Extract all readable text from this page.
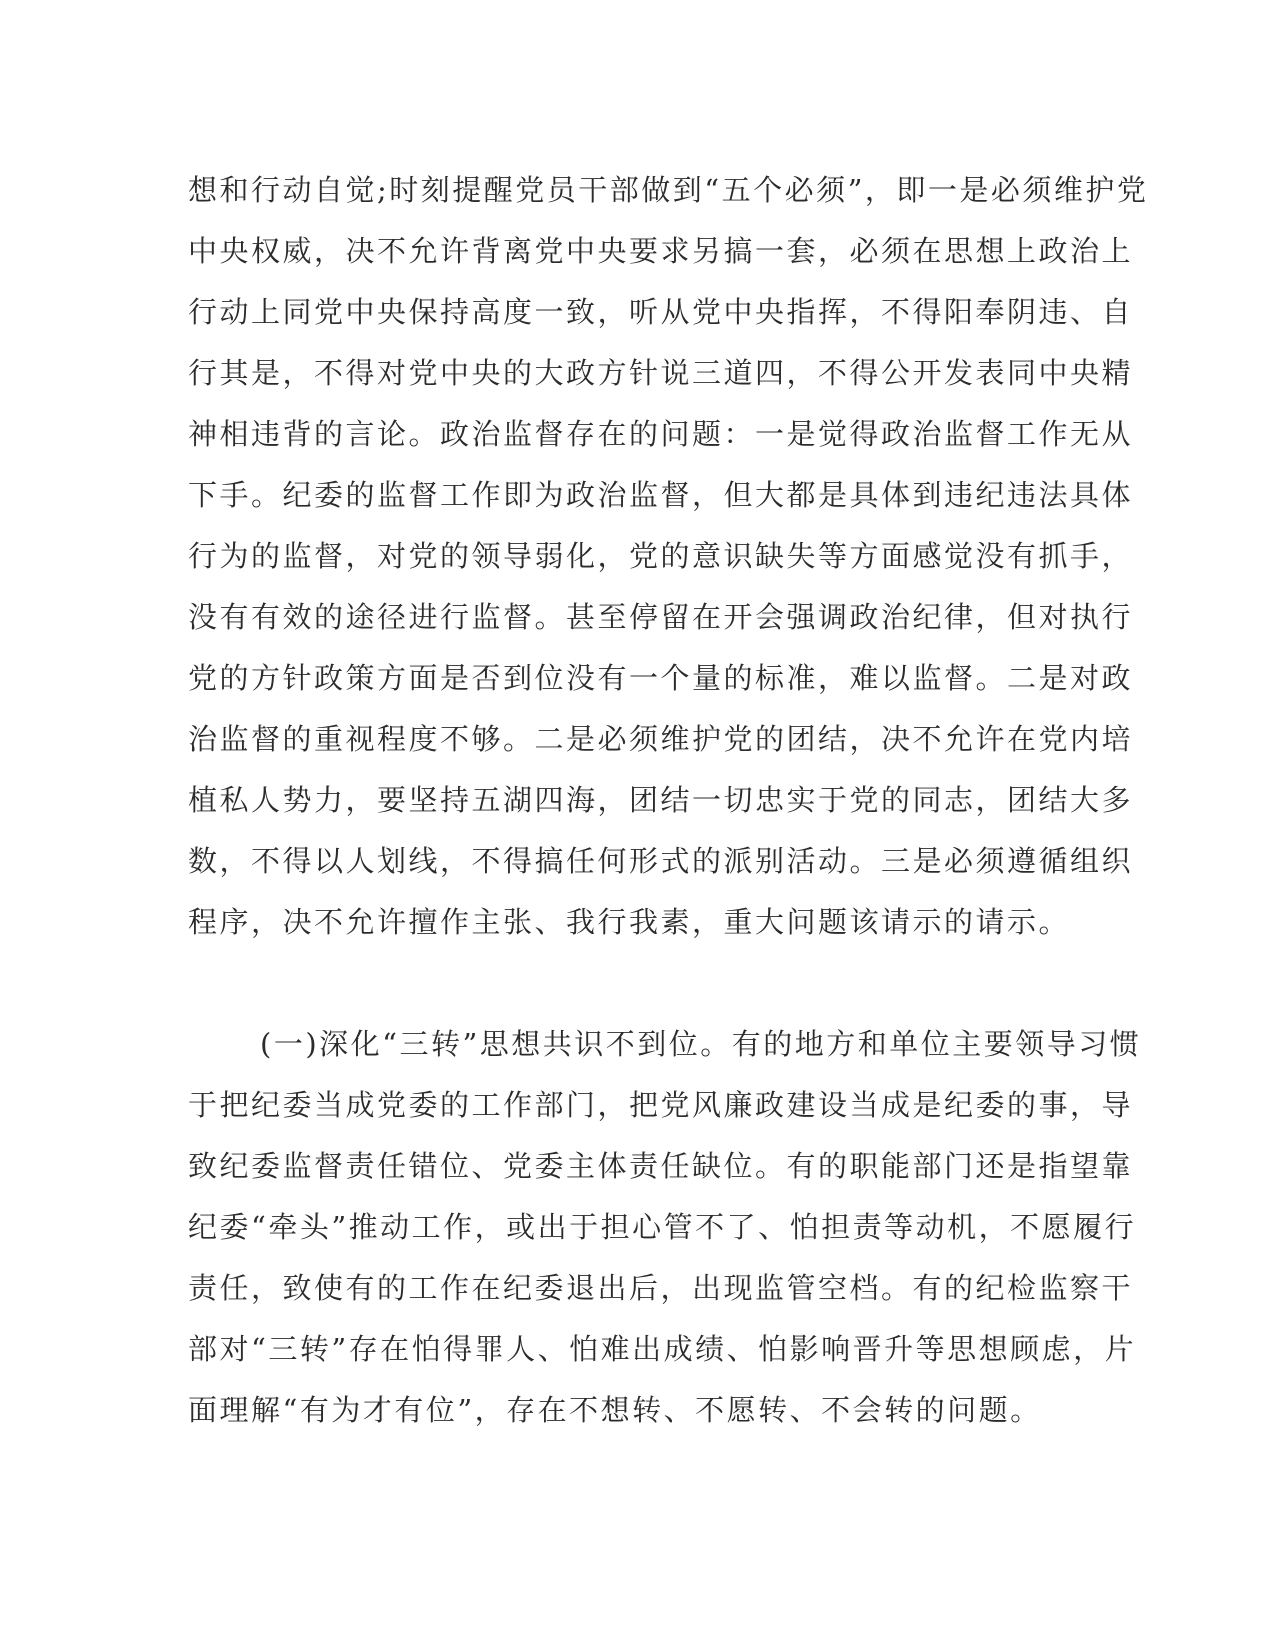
想和行动自觉;时刻提醒党员干部做到“五个必须”，即一是必须维护党
中央权威，决不允许背离党中央要求另搞一套，必须在思想上政治上
行动上同党中央保持高度一致，听从党中央指挥，不得阳奉阴违、自
行其是，不得对党中央的大政方针说三道四，不得公开发表同中央精
神相违背的言论。政治监督存在的问题：一是觉得政治监督工作无从
下手。纪委的监督工作即为政治监督，但大都是具体到违纪违法具体
行为的监督，对党的领导弱化，党的意识缺失等方面感觉没有抓手，
没有有效的途径进行监督。甚至停留在开会强调政治纪律，但对执行
党的方针政策方面是否到位没有一个量的标准，难以监督。二是对政
治监督的重视程度不够。二是必须维护党的团结，决不允许在党内培
植私人势力，要坚持五湖四海，团结一切忠实于党的同志，团结大多
数，不得以人划线，不得搞任何形式的派别活动。三是必须遵循组织
程序，决不允许擅作主张、我行我素，重大问题该请示的请示。
(一)深化“三转”思想共识不到位。有的地方和单位主要领导习惯
于把纪委当成党委的工作部门，把党风廉政建设当成是纪委的事，导
致纪委监督责任错位、党委主体责任缺位。有的职能部门还是指望靠
纪委“牵头”推动工作，或出于担心管不了、怕担责等动机，不愿履行
责任，致使有的工作在纪委退出后，出现监管空档。有的纪检监察干
部对“三转”存在怕得罪人、怕难出成绩、怕影响晋升等思想顾虑，片
面理解“有为才有位”，存在不想转、不愿转、不会转的问题。
